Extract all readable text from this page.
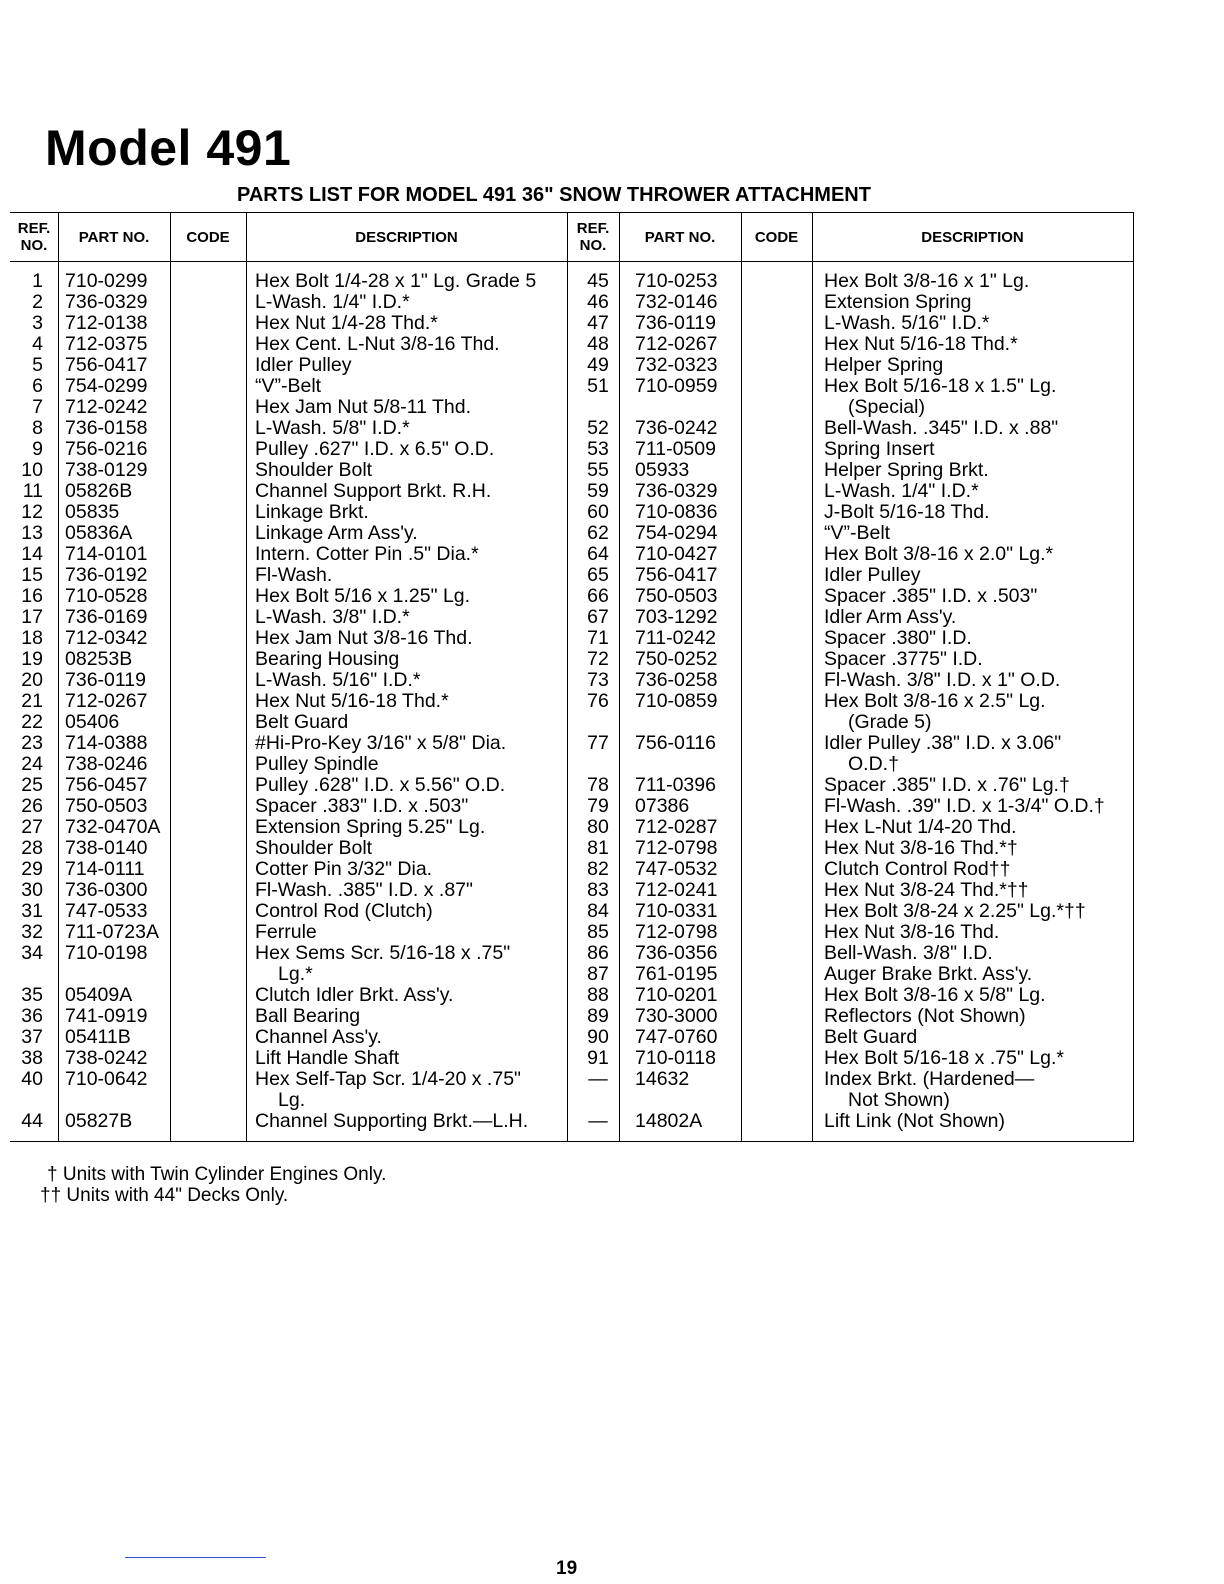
Model 491
PARTS LIST FOR MODEL 491 36" SNOW THROWER ATTACHMENT
REF. NO.	PART NO.	CODE	DESCRIPTION	REF. NO.	PART NO.	CODE	DESCRIPTION
1 710-0299	Hex Bolt 1/4-28 x 1" Lg. Grade 5
2 736-0329	L-Wash. 1/4" I.D.*
3 712-0138	Hex Nut 1/4-28 Thd.*
4 712-0375	Hex Cent. L-Nut 3/8-16 Thd.
5 756-0417	Idler Pulley
6 754-0299	“V”-Belt
7 712-0242	Hex Jam Nut 5/8-11 Thd.
8 736-0158	L-Wash. 5/8" I.D.*
9 756-0216	Pulley .627" I.D. x 6.5" O.D.
10 738-0129	Shoulder Bolt
11 05826B	Channel Support Brkt. R.H.
12 05835	Linkage Brkt.
13 05836A	Linkage Arm Ass'y.
14 714-0101	Intern. Cotter Pin .5" Dia.*
15 736-0192	Fl-Wash.
16 710-0528	Hex Bolt 5/16 x 1.25" Lg.
17 736-0169	L-Wash. 3/8" I.D.*
18 712-0342	Hex Jam Nut 3/8-16 Thd.
19 08253B	Bearing Housing
20 736-0119	L-Wash. 5/16" I.D.*
21 712-0267	Hex Nut 5/16-18 Thd.*
22 05406	Belt Guard
23 714-0388	#Hi-Pro-Key 3/16" x 5/8" Dia.
24 738-0246	Pulley Spindle
25 756-0457	Pulley .628" I.D. x 5.56" O.D.
26 750-0503	Spacer .383" I.D. x .503"
27 732-0470A	Extension Spring 5.25" Lg.
28 738-0140	Shoulder Bolt
29 714-0111	Cotter Pin 3/32" Dia.
30 736-0300	Fl-Wash. .385" I.D. x .87"
31 747-0533	Control Rod (Clutch)
32 711-0723A	Ferrule
34 710-0198	Hex Sems Scr. 5/16-18 x .75"
Lg.*
35 05409A	Clutch Idler Brkt. Ass'y.
36 741-0919	Ball Bearing
37 05411B	Channel Ass'y.
38 738-0242	Lift Handle Shaft
40 710-0642	Hex Self-Tap Scr. 1/4-20 x .75"
Lg.
44 05827B	Channel Supporting Brkt.—L.H.
45	710-0253	Hex Bolt 3/8-16 x 1" Lg.
46	732-0146	Extension Spring
47	736-0119	L-Wash. 5/16" I.D.*
48	712-0267	Hex Nut 5/16-18 Thd.*
49	732-0323	Helper Spring
51	710-0959	Hex Bolt 5/16-18 x 1.5" Lg.
(Special)
52	736-0242	Bell-Wash. .345" I.D. x .88"
53	711-0509	Spring Insert
55	05933	Helper Spring Brkt.
59	736-0329	L-Wash. 1/4" I.D.*
60	710-0836	J-Bolt 5/16-18 Thd.
62	754-0294	“V”-Belt
64	710-0427	Hex Bolt 3/8-16 x 2.0" Lg.*
65	756-0417	Idler Pulley
66	750-0503	Spacer .385" I.D. x .503"
67	703-1292	Idler Arm Ass'y.
71	711-0242	Spacer .380" I.D.
72	750-0252	Spacer .3775" I.D.
73	736-0258	Fl-Wash. 3/8" I.D. x 1" O.D.
76	710-0859	Hex Bolt 3/8-16 x 2.5" Lg.
(Grade 5)
77	756-0116	Idler Pulley .38" I.D. x 3.06"
O.D.†
78	711-0396	Spacer .385" I.D. x .76" Lg.†
79	07386	Fl-Wash. .39" I.D. x 1-3/4" O.D.†
80	712-0287	Hex L-Nut 1/4-20 Thd.
81	712-0798	Hex Nut 3/8-16 Thd.*†
82	747-0532	Clutch Control Rod††
83	712-0241	Hex Nut 3/8-24 Thd.*††
84	710-0331	Hex Bolt 3/8-24 x 2.25" Lg.*††
85	712-0798	Hex Nut 3/8-16 Thd.
86	736-0356	Bell-Wash. 3/8" I.D.
87	761-0195	Auger Brake Brkt. Ass'y.
88	710-0201	Hex Bolt 3/8-16 x 5/8" Lg.
89	730-3000	Reflectors (Not Shown)
90	747-0760	Belt Guard
91	710-0118	Hex Bolt 5/16-18 x .75" Lg.*
—	14632	Index Brkt. (Hardened—
Not Shown)
—	14802A	Lift Link (Not Shown)
† Units with Twin Cylinder Engines Only.
†† Units with 44" Decks Only.
19
